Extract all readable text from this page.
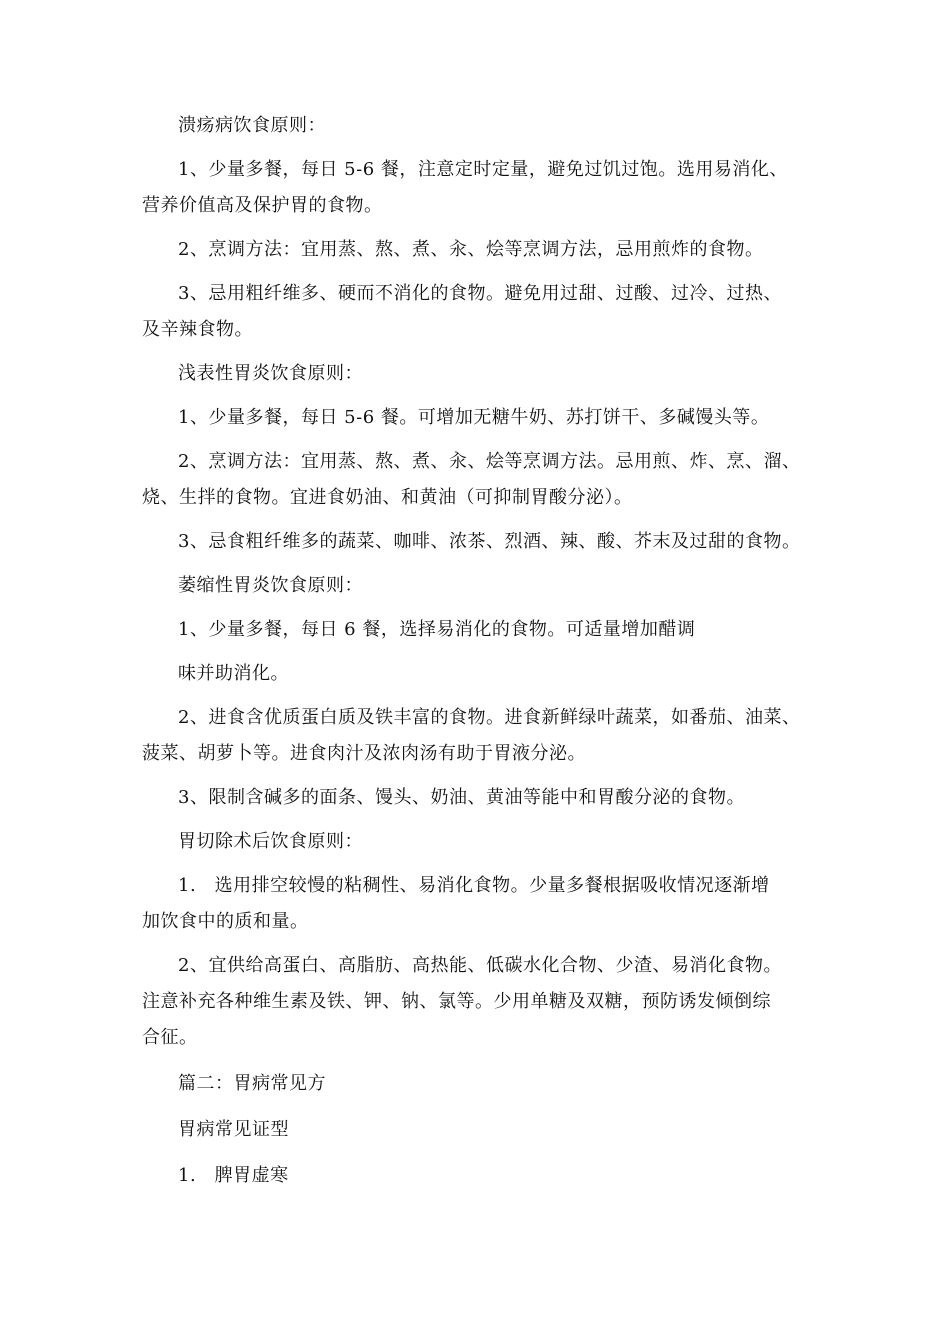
溃疡病饮食原则：
1、少量多餐，每日 5-6 餐，注意定时定量，避免过饥过饱。选用易消化、
营养价值高及保护胃的食物。
2、烹调方法：宜用蒸、熬、煮、汆、烩等烹调方法，忌用煎炸的食物。
3、忌用粗纤维多、硬而不消化的食物。避免用过甜、过酸、过冷、过热、
及辛辣食物。
浅表性胃炎饮食原则：
1、少量多餐，每日 5-6 餐。可增加无糖牛奶、苏打饼干、多碱馒头等。
2、烹调方法：宜用蒸、熬、煮、汆、烩等烹调方法。忌用煎、炸、烹、溜、
烧、生拌的食物。宜进食奶油、和黄油（可抑制胃酸分泌）。
3、忌食粗纤维多的蔬菜、咖啡、浓茶、烈酒、辣、酸、芥末及过甜的食物。
萎缩性胃炎饮食原则：
1、少量多餐，每日 6 餐，选择易消化的食物。可适量增加醋调
味并助消化。
2、进食含优质蛋白质及铁丰富的食物。进食新鲜绿叶蔬菜，如番茄、油菜、
菠菜、胡萝卜等。进食肉汁及浓肉汤有助于胃液分泌。
3、限制含碱多的面条、馒头、奶油、黄油等能中和胃酸分泌的食物。
胃切除术后饮食原则：
1.　选用排空较慢的粘稠性、易消化食物。少量多餐根据吸收情况逐渐增
加饮食中的质和量。
2、宜供给高蛋白、高脂肪、高热能、低碳水化合物、少渣、易消化食物。
注意补充各种维生素及铁、钾、钠、氯等。少用单糖及双糖，预防诱发倾倒综
合征。
篇二：胃病常见方
胃病常见证型
1.　脾胃虚寒
